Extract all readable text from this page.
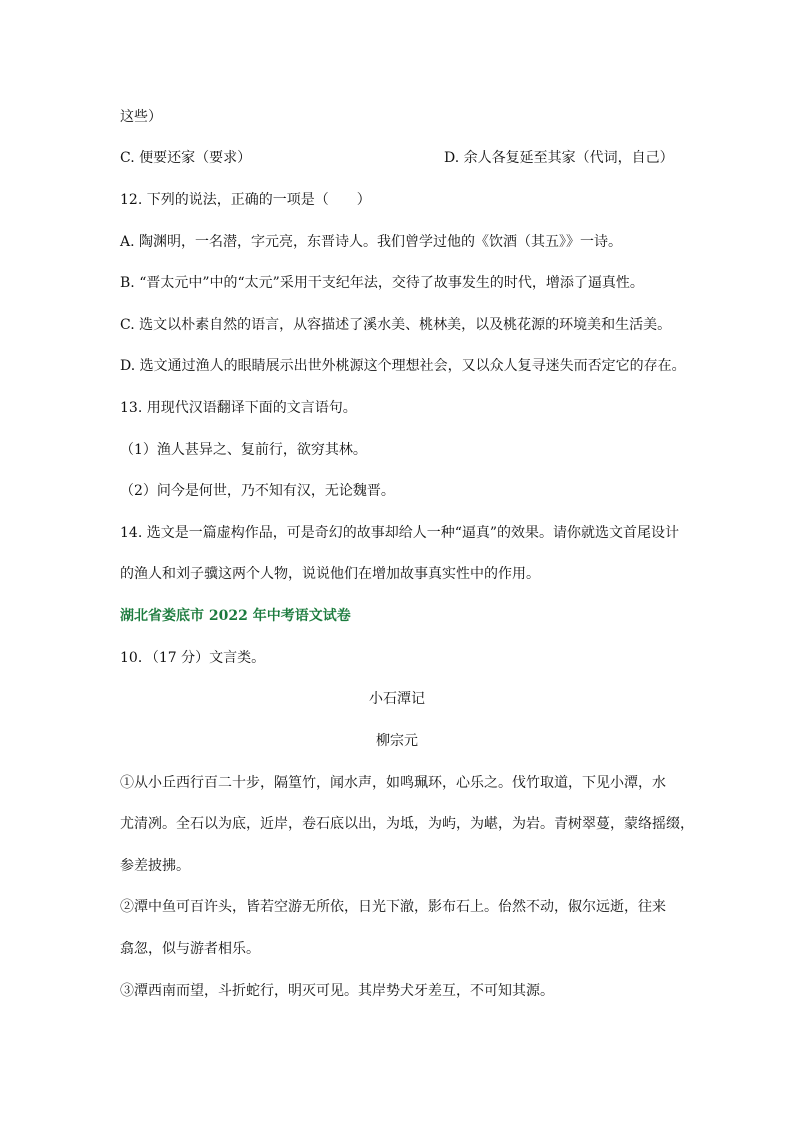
这些）
C. 便要还家（要求）	D. 余人各复延至其家（代词，自己）
12. 下列的说法，正确的一项是（　　）
A. 陶渊明，一名潜，字元亮，东晋诗人。我们曾学过他的《饮酒（其五》》一诗。
B. “晋太元中”中的“太元”采用干支纪年法，交待了故事发生的时代，增添了逼真性。
C. 选文以朴素自然的语言，从容描述了溪水美、桃林美，以及桃花源的环境美和生活美。
D. 选文通过渔人的眼睛展示出世外桃源这个理想社会，又以众人复寻迷失而否定它的存在。
13. 用现代汉语翻译下面的文言语句。
（1）渔人甚异之、复前行，欲穷其林。
（2）问今是何世，乃不知有汉，无论魏晋。
14. 选文是一篇虚构作品，可是奇幻的故事却给人一种“逼真”的效果。请你就选文首尾设计
的渔人和刘子骥这两个人物，说说他们在增加故事真实性中的作用。
湖北省娄底市 2022 年中考语文试卷
10．（17 分）文言类。
小石潭记
柳宗元
①从小丘西行百二十步，隔篁竹，闻水声，如鸣珮环，心乐之。伐竹取道，下见小潭，水
尤清冽。全石以为底，近岸，卷石底以出，为坻，为屿，为嵁，为岩。青树翠蔓，蒙络摇缀，
参差披拂。
②潭中鱼可百许头，皆若空游无所依，日光下澈，影布石上。佁然不动，俶尔远逝，往来
翕忽，似与游者相乐。
③潭西南而望，斗折蛇行，明灭可见。其岸势犬牙差互，不可知其源。
